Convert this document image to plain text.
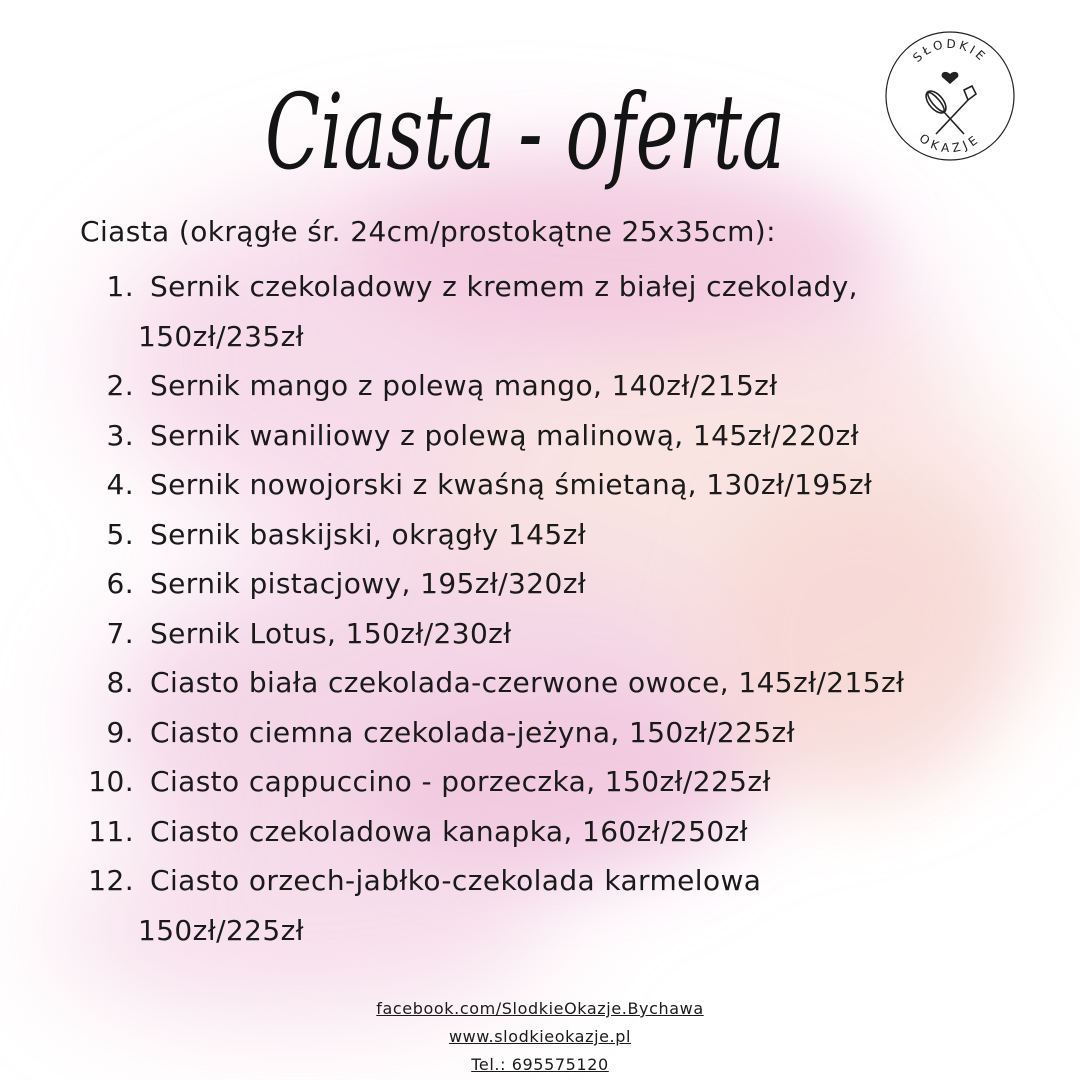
Ciasta - oferta
SŁODKIE
OKAZJE

Ciasta (okrągłe śr. 24cm/prostokątne 25x35cm):

1. Sernik czekoladowy z kremem z białej czekolady,
150zł/235zł
2. Sernik mango z polewą mango, 140zł/215zł
3. Sernik waniliowy z polewą malinową, 145zł/220zł
4. Sernik nowojorski z kwaśną śmietaną, 130zł/195zł
5. Sernik baskijski, okrągły 145zł
6. Sernik pistacjowy, 195zł/320zł
7. Sernik Lotus, 150zł/230zł
8. Ciasto biała czekolada-czerwone owoce, 145zł/215zł
9. Ciasto ciemna czekolada-jeżyna, 150zł/225zł
10. Ciasto cappuccino - porzeczka, 150zł/225zł
11. Ciasto czekoladowa kanapka, 160zł/250zł
12. Ciasto orzech-jabłko-czekolada karmelowa
150zł/225zł
facebook.com/SlodkieOkazje.Bychawa
www.slodkieokazje.pl
Tel.: 695575120
